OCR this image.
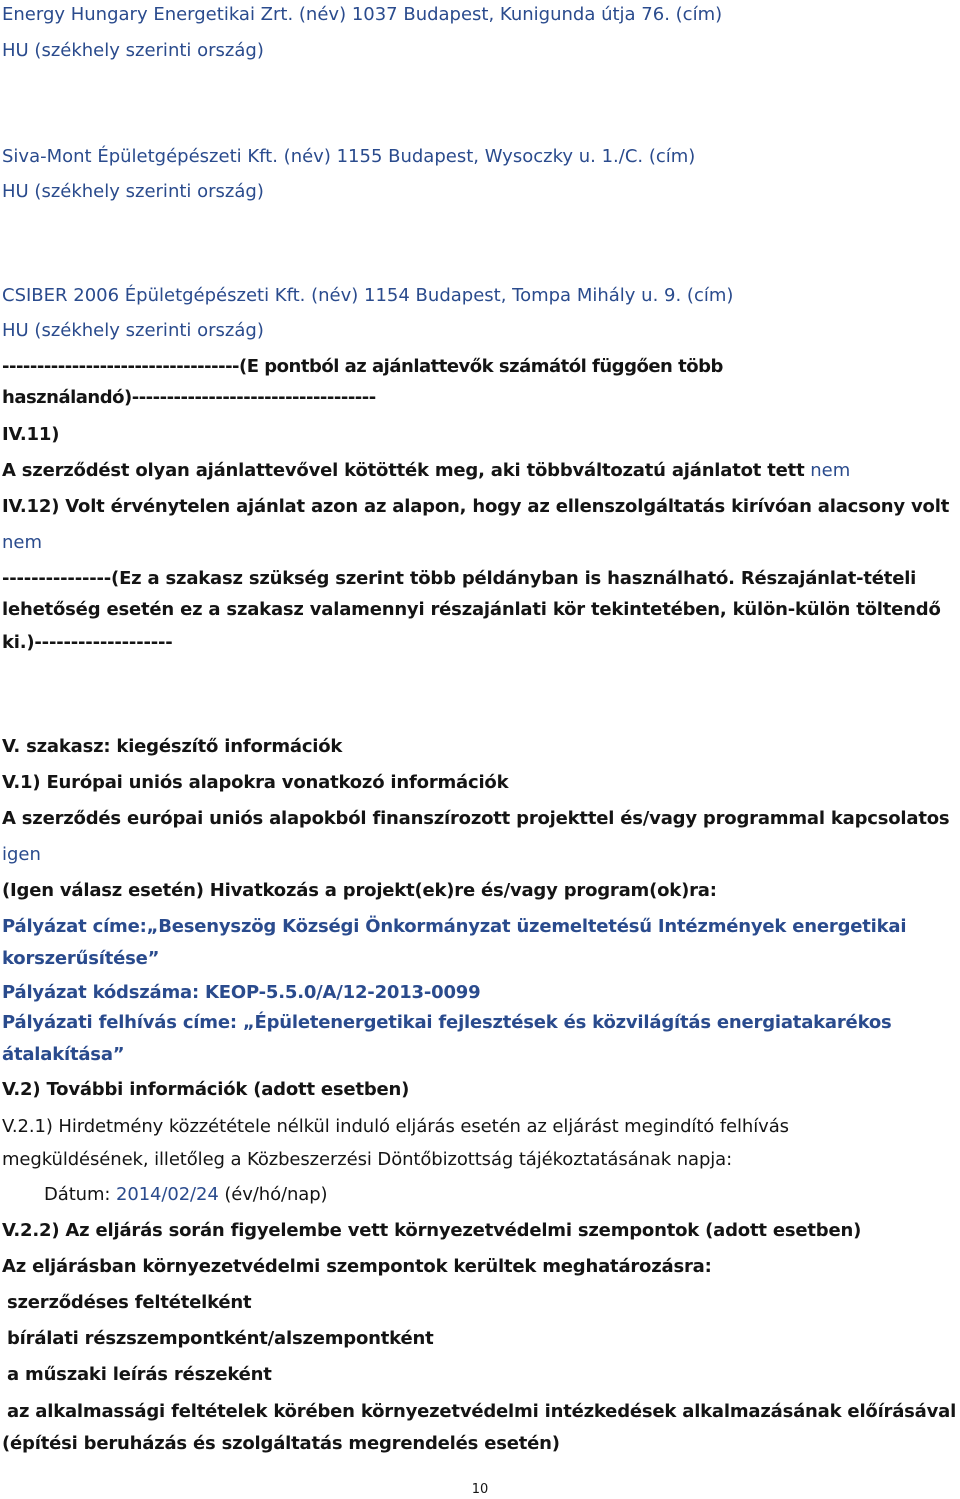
Energy Hungary Energetikai Zrt. (név) 1037 Budapest, Kunigunda útja 76. (cím)
HU (székhely szerinti ország)
Siva-Mont Épületgépészeti Kft. (név) 1155 Budapest, Wysoczky u. 1./C. (cím)
HU (székhely szerinti ország)
CSIBER 2006 Épületgépészeti Kft. (név) 1154 Budapest, Tompa Mihály u. 9. (cím)
HU (székhely szerinti ország)
----------------------------------(E pontból az ajánlattevők számától függően több
használandó)-----------------------------------
IV.11)
A szerződést olyan ajánlattevővel kötötték meg, aki többváltozatú ajánlatot tett nem
IV.12) Volt érvénytelen ajánlat azon az alapon, hogy az ellenszolgáltatás kirívóan alacsony volt
nem
---------------(Ez a szakasz szükség szerint több példányban is használható. Részajánlat-tételi
lehetőség esetén ez a szakasz valamennyi részajánlati kör tekintetében, külön-külön töltendő
ki.)-------------------
V. szakasz: kiegészítő információk
V.1) Európai uniós alapokra vonatkozó információk
A szerződés európai uniós alapokból finanszírozott projekttel és/vagy programmal kapcsolatos
igen
(Igen válasz esetén) Hivatkozás a projekt(ek)re és/vagy program(ok)ra:
Pályázat címe:„Besenyszög Községi Önkormányzat üzemeltetésű Intézmények energetikai
korszerűsítése”
Pályázat kódszáma: KEOP-5.5.0/A/12-2013-0099
Pályázati felhívás címe: „Épületenergetikai fejlesztések és közvilágítás energiatakarékos
átalakítása”
V.2) További információk (adott esetben)
V.2.1) Hirdetmény közzététele nélkül induló eljárás esetén az eljárást megindító felhívás
megküldésének, illetőleg a Közbeszerzési Döntőbizottság tájékoztatásának napja:
Dátum: 2014/02/24 (év/hó/nap)
V.2.2) Az eljárás során figyelembe vett környezetvédelmi szempontok (adott esetben)
Az eljárásban környezetvédelmi szempontok kerültek meghatározásra:
szerződéses feltételként
bírálati részszempontként/alszempontként
a műszaki leírás részeként
az alkalmassági feltételek körében környezetvédelmi intézkedések alkalmazásának előírásával
(építési beruházás és szolgáltatás megrendelés esetén)
10
